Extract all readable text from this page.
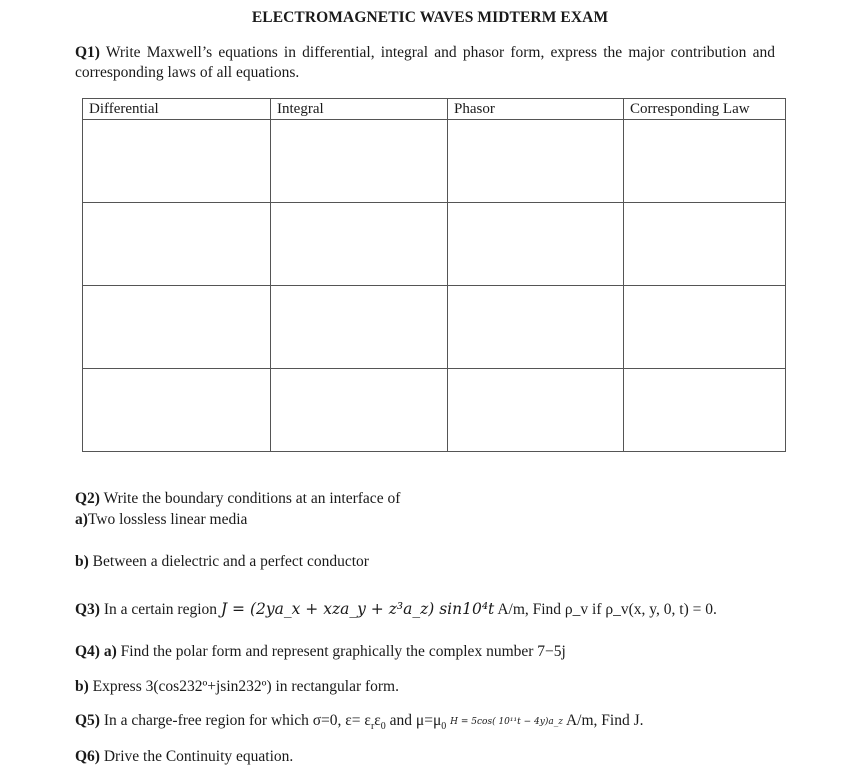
ELECTROMAGNETIC WAVES MIDTERM EXAM
Q1) Write Maxwell’s equations in differential, integral and phasor form, express the major contribution and corresponding laws of all equations.
Differential	Integral	Phasor	Corresponding Law

Q2) Write the boundary conditions at an interface of
a)Two lossless linear media
b) Between a dielectric and a perfect conductor
Q3) In a certain region J = (2ya_x + xza_y + z³a_z) sin10⁴t A/m, Find ρ_v if ρ_v(x, y, 0, t) = 0.
Q4) a) Find the polar form and represent graphically the complex number 7−5j
b) Express 3(cos232º+jsin232º) in rectangular form.
Q5) In a charge-free region for which σ=0, $\varepsilon= \varepsilon_r\varepsilon_0$ and $\mu=\mu_0$ H = 5cos( 10¹¹t − 4y)a_z A/m, Find J.
Q6) Drive the Continuity equation.
